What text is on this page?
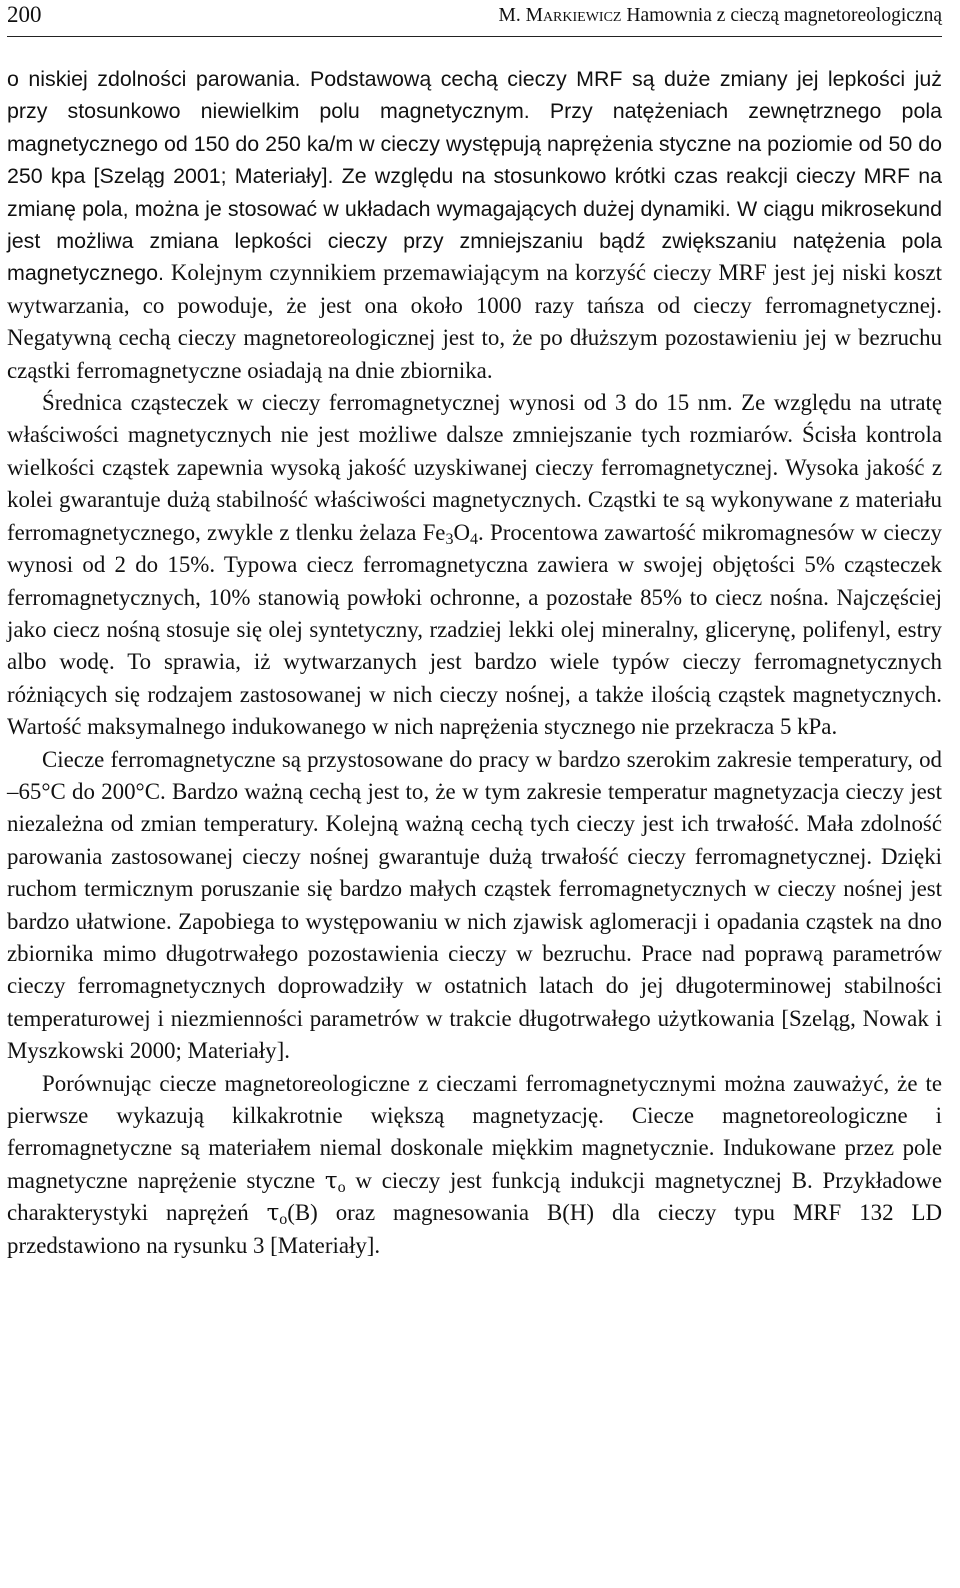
200	M. Markiewicz Hamownia z cieczą magnetoreologiczną

o niskiej zdolności parowania. Podstawową cechą cieczy MRF są duże zmiany jej lepkości już przy stosunkowo niewielkim polu magnetycznym. Przy natężeniach zewnętrznego pola magnetycznego od 150 do 250 ka/m w cieczy występują naprężenia styczne na poziomie od 50 do 250 kpa [Szeląg 2001; Materiały]. Ze względu na stosunkowo krótki czas reakcji cieczy MRF na zmianę pola, można je stosować w układach wymagających dużej dynamiki. W ciągu mikrosekund jest możliwa zmiana lepkości cieczy przy zmniejszaniu bądź zwiększaniu natężenia pola magnetycznego. Kolejnym czynnikiem przemawiającym na korzyść cieczy MRF jest jej niski koszt wytwarzania, co powoduje, że jest ona około 1000 razy tańsza od cieczy ferromagnetycznej. Negatywną cechą cieczy magnetoreologicznej jest to, że po dłuższym pozostawieniu jej w bezruchu cząstki ferromagnetyczne osiadają na dnie zbiornika.

Średnica cząsteczek w cieczy ferromagnetycznej wynosi od 3 do 15 nm. Ze względu na utratę właściwości magnetycznych nie jest możliwe dalsze zmniejszanie tych rozmiarów. Ścisła kontrola wielkości cząstek zapewnia wysoką jakość uzyskiwanej cieczy ferromagnetycznej. Wysoka jakość z kolei gwarantuje dużą stabilność właściwości magnetycznych. Cząstki te są wykonywane z materiału ferromagnetycznego, zwykle z tlenku żelaza $Fe_3O_4$. Procentowa zawartość mikromagnesów w cieczy wynosi od 2 do 15%. Typowa ciecz ferromagnetyczna zawiera w swojej objętości 5% cząsteczek ferromagnetycznych, 10% stanowią powłoki ochronne, a pozostałe 85% to ciecz nośna. Najczęściej jako ciecz nośną stosuje się olej syntetyczny, rzadziej lekki olej mineralny, glicerynę, polifenyl, estry albo wodę. To sprawia, iż wytwarzanych jest bardzo wiele typów cieczy ferromagnetycznych różniących się rodzajem zastosowanej w nich cieczy nośnej, a także ilością cząstek magnetycznych. Wartość maksymalnego indukowanego w nich naprężenia stycznego nie przekracza 5 kPa.

Ciecze ferromagnetyczne są przystosowane do pracy w bardzo szerokim zakresie temperatury, od –65°C do 200°C. Bardzo ważną cechą jest to, że w tym zakresie temperatur magnetyzacja cieczy jest niezależna od zmian temperatury. Kolejną ważną cechą tych cieczy jest ich trwałość. Mała zdolność parowania zastosowanej cieczy nośnej gwarantuje dużą trwałość cieczy ferromagnetycznej. Dzięki ruchom termicznym poruszanie się bardzo małych cząstek ferromagnetycznych w cieczy nośnej jest bardzo ułatwione. Zapobiega to występowaniu w nich zjawisk aglomeracji i opadania cząstek na dno zbiornika mimo długotrwałego pozostawienia cieczy w bezruchu. Prace nad poprawą parametrów cieczy ferromagnetycznych doprowadziły w ostatnich latach do jej długoterminowej stabilności temperaturowej i niezmienności parametrów w trakcie długotrwałego użytkowania [Szeląg, Nowak i Myszkowski 2000; Materiały].

Porównując ciecze magnetoreologiczne z cieczami ferromagnetycznymi można zauważyć, że te pierwsze wykazują kilkakrotnie większą magnetyzację. Ciecze magnetoreologiczne i ferromagnetyczne są materiałem niemal doskonale miękkim magnetycznie. Indukowane przez pole magnetyczne naprężenie styczne $\tau_o$ w cieczy jest funkcją indukcji magnetycznej B. Przykładowe charakterystyki naprężeń $\tau_o(B)$ oraz magnesowania B(H) dla cieczy typu MRF 132 LD przedstawiono na rysunku 3 [Materiały].
